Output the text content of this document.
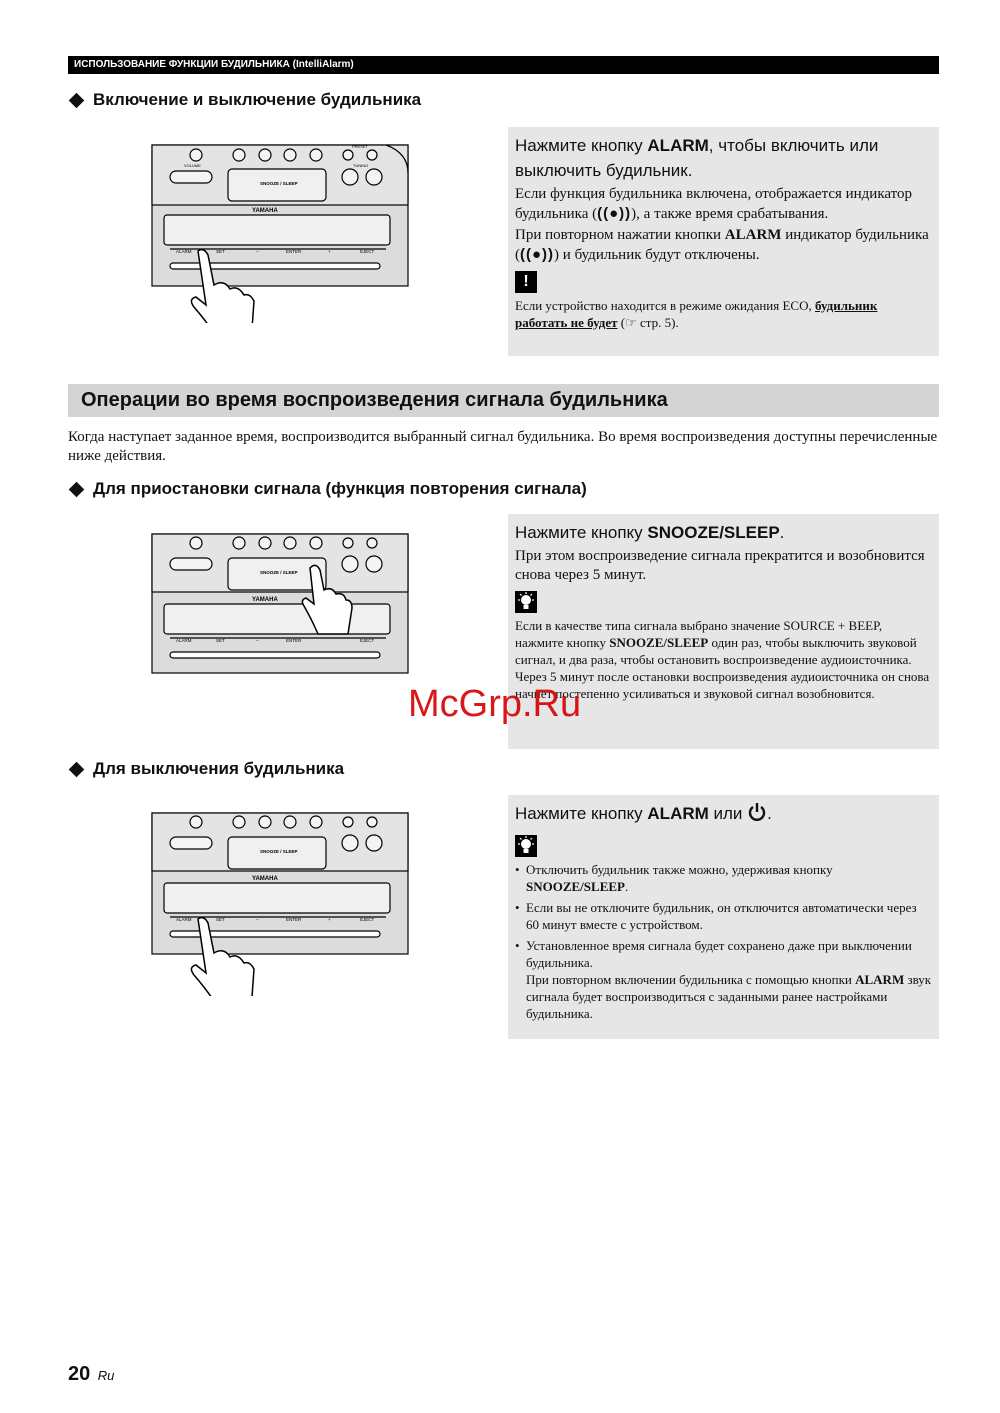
ИСПОЛЬЗОВАНИЕ ФУНКЦИИ БУДИЛЬНИКА (IntelliAlarm)
Включение и выключение будильника
SNOOZE / SLEEP
YAMAHA
VOLUME
PRESET
TUNING
ALARM	SET	–	ENTER	+	EJECT
Нажмите кнопку ALARM, чтобы включить или выключить будильник.

Если функция будильника включена, отображается индикатор будильника (((●))), а также время срабатывания.

При повторном нажатии кнопки ALARM индикатор будильника (((●))) и будильник будут отключены.

!

Если устройство находится в режиме ожидания ECO, будильник работать не будет (☞ стр. 5).

Операции во время воспроизведения сигнала будильника
Когда наступает заданное время, воспроизводится выбранный сигнал будильника. Во время воспроизведения доступны перечисленные ниже действия.
Для приостановки сигнала (функция повторения сигнала)
SNOOZE / SLEEP
YAMAHA
ALARM	SET	–	ENTER	EJECT
Нажмите кнопку SNOOZE/SLEEP.

При этом воспроизведение сигнала прекратится и возобновится снова через 5 минут.

Если в качестве типа сигнала выбрано значение SOURCE + BEEP, нажмите кнопку SNOOZE/SLEEP один раз, чтобы выключить звуковой сигнал, и два раза, чтобы остановить воспроизведение аудиоисточника.

Через 5 минут после остановки воспроизведения аудиоисточника он снова начнет постепенно усиливаться и звуковой сигнал возобновится.

McGrp.Ru
Для выключения будильника
SNOOZE / SLEEP
YAMAHA
ALARM	SET	–	ENTER	+	EJECT
Нажмите кнопку ALARM или .
• Отключить будильник также можно, удерживая кнопку SNOOZE/SLEEP.
• Если вы не отключите будильник, он отключится автоматически через 60 минут вместе с устройством.
• Установленное время сигнала будет сохранено даже при выключении будильника.
При повторном включении будильника с помощью кнопки ALARM звук сигнала будет воспроизводиться с заданными ранее настройками будильника.
20 Ru
